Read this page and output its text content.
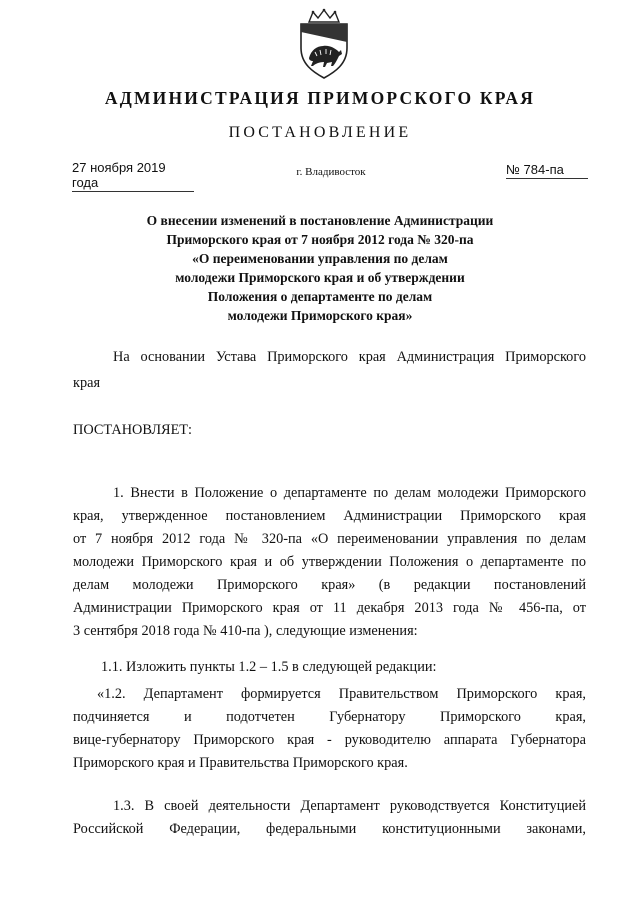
АДМИНИСТРАЦИЯ ПРИМОРСКОГО КРАЯ
ПОСТАНОВЛЕНИЕ
27 ноября 2019 года
г. Владивосток	№ 784-па
О внесении изменений в постановление Администрации
Приморского края от 7 ноября 2012 года № 320-па
«О переименовании управления по делам
молодежи Приморского края и об утверждении
Положения о департаменте по делам
молодежи Приморского края»
На основании Устава Приморского края Администрация Приморского
края
ПОСТАНОВЛЯЕТ:
1. Внести в Положение о департаменте по делам молодежи Приморского
края, утвержденное постановлением Администрации Приморского края
от 7 ноября 2012 года № 320-па «О переименовании управления по делам
молодежи Приморского края и об утверждении Положения о департаменте по
делам молодежи Приморского края» (в редакции постановлений
Администрации Приморского края от 11 декабря 2013 года № 456-па, от
3 сентября 2018 года № 410-па ), следующие изменения:
1.1. Изложить пункты 1.2 – 1.5 в следующей редакции:
«1.2. Департамент формируется Правительством Приморского края,
подчиняется и подотчетен Губернатору Приморского края,
вице-губернатору Приморского края - руководителю аппарата Губернатора
Приморского края и Правительства Приморского края.
1.3. В своей деятельности Департамент руководствуется Конституцией
Российской Федерации, федеральными конституционными законами,
